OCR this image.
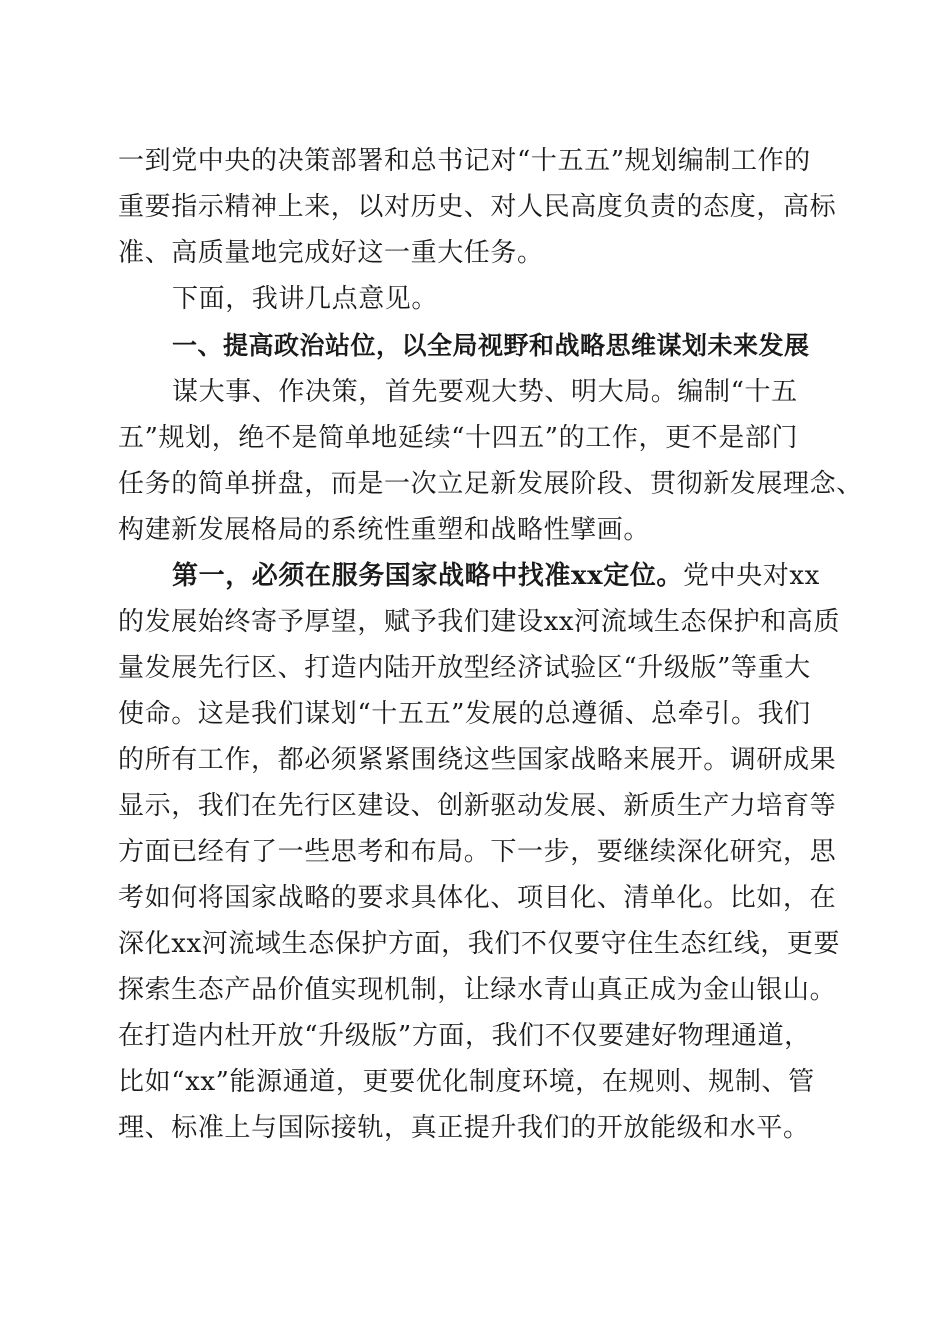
一到党中央的决策部署和总书记对“十五五”规划编制工作的
重要指示精神上来，以对历史、对人民高度负责的态度，高标
准、高质量地完成好这一重大任务。
下面，我讲几点意见。
一、提高政治站位，以全局视野和战略思维谋划未来发展
谋大事、作决策，首先要观大势、明大局。编制“十五
五”规划，绝不是简单地延续“十四五”的工作，更不是部门
任务的简单拼盘，而是一次立足新发展阶段、贯彻新发展理念、
构建新发展格局的系统性重塑和战略性擘画。
第一，必须在服务国家战略中找准xx定位。党中央对xx
的发展始终寄予厚望，赋予我们建设xx河流域生态保护和高质
量发展先行区、打造内陆开放型经济试验区“升级版”等重大
使命。这是我们谋划“十五五”发展的总遵循、总牵引。我们
的所有工作，都必须紧紧围绕这些国家战略来展开。调研成果
显示，我们在先行区建设、创新驱动发展、新质生产力培育等
方面已经有了一些思考和布局。下一步，要继续深化研究，思
考如何将国家战略的要求具体化、项目化、清单化。比如，在
深化xx河流域生态保护方面，我们不仅要守住生态红线，更要
探索生态产品价值实现机制，让绿水青山真正成为金山银山。
在打造内杜开放“升级版”方面，我们不仅要建好物理通道，
比如“xx”能源通道，更要优化制度环境，在规则、规制、管
理、标准上与国际接轨，真正提升我们的开放能级和水平。
